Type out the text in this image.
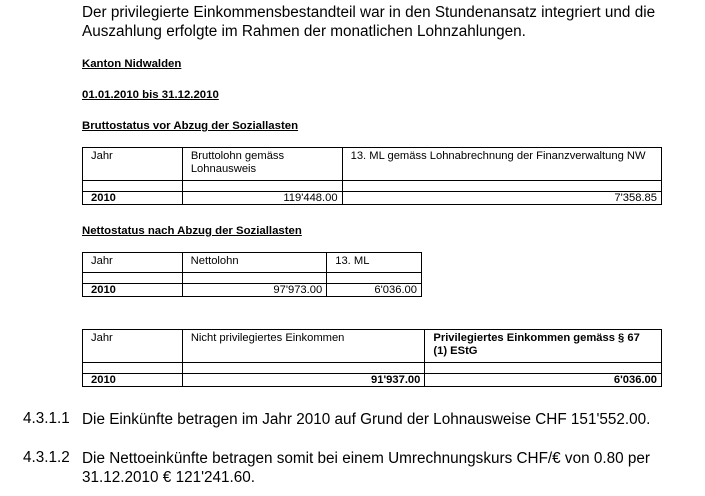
Der privilegierte Einkommensbestandteil war in den Stundenansatz integriert und die Auszahlung erfolgte im Rahmen der monatlichen Lohnzahlungen.
Kanton Nidwalden
01.01.2010 bis 31.12.2010
Bruttostatus vor Abzug der Soziallasten
Jahr	Bruttolohn gemäss Lohnausweis	13. ML gemäss Lohnabrechnung der Finanzverwaltung NW

2010	119'448.00	7'358.85
Nettostatus nach Abzug der Soziallasten
Jahr	Nettolohn	13. ML

2010	97'973.00	6'036.00
Jahr	Nicht privilegiertes Einkommen	Privilegiertes Einkommen gemäss § 67 (1) EStG

2010	91'937.00	6'036.00
4.3.1.1 Die Einkünfte betragen im Jahr 2010 auf Grund der Lohnausweise CHF 151'552.00.
4.3.1.2 Die Nettoeinkünfte betragen somit bei einem Umrechnungskurs CHF/€ von 0.80 per 31.12.2010 € 121'241.60.
